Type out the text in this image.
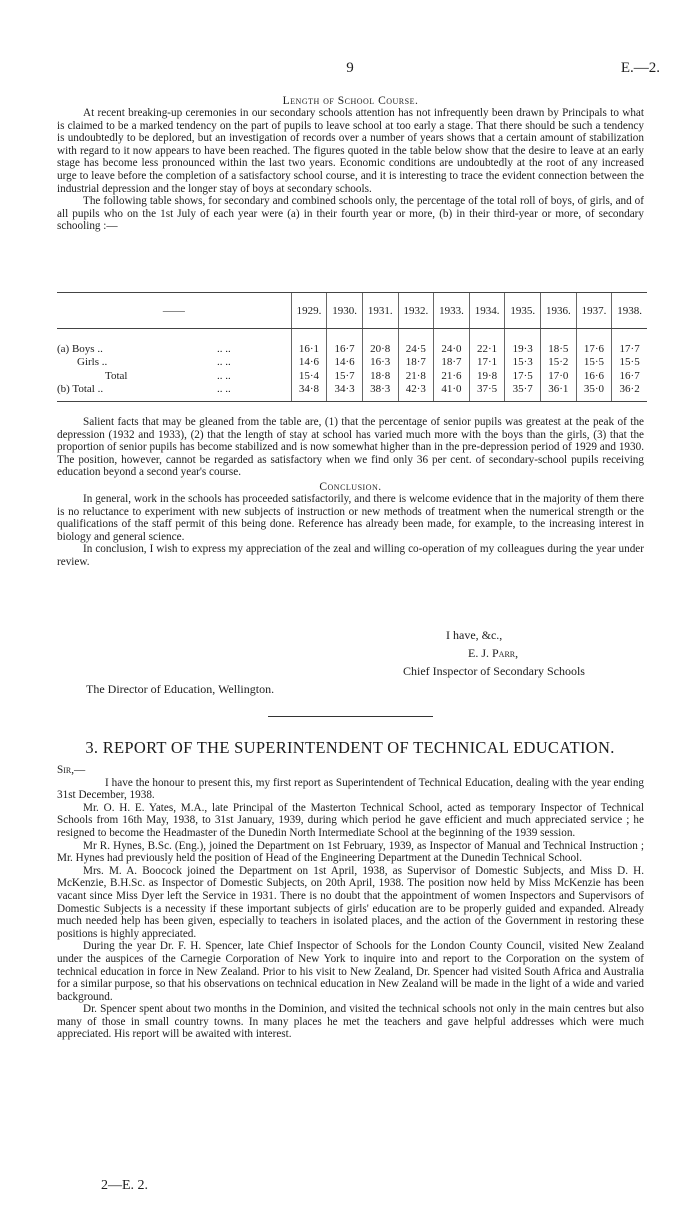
9	E.—2.
Length of School Course.

At recent breaking-up ceremonies in our secondary schools attention has not infrequently been drawn by Principals to what is claimed to be a marked tendency on the part of pupils to leave school at too early a stage. That there should be such a tendency is undoubtedly to be deplored, but an investigation of records over a number of years shows that a certain amount of stabilization with regard to it now appears to have been reached. The figures quoted in the table below show that the desire to leave at an early stage has become less pronounced within the last two years. Economic conditions are undoubtedly at the root of any increased urge to leave before the completion of a satisfactory school course, and it is interesting to trace the evident connection between the industrial depression and the longer stay of boys at secondary schools.

The following table shows, for secondary and combined schools only, the percentage of the total roll of boys, of girls, and of all pupils who on the 1st July of each year were (a) in their fourth year or more, (b) in their third-year or more, of secondary schooling :—

——	1929.	1930.	1931.	1932.	1933.	1934.	1935.	1936.	1937.	1938.
(a) Boys .. .. ..	16·1	16·7	20·8	24·5	24·0	22·1	19·3	18·5	17·6	17·7
Girls .. .. ..	14·6	14·6	16·3	18·7	18·7	17·1	15·3	15·2	15·5	15·5
Total .. ..	15·4	15·7	18·8	21·8	21·6	19·8	17·5	17·0	16·6	16·7
(b) Total .. .. ..	34·8	34·3	38·3	42·3	41·0	37·5	35·7	36·1	35·0	36·2

Salient facts that may be gleaned from the table are, (1) that the percentage of senior pupils was greatest at the peak of the depression (1932 and 1933), (2) that the length of stay at school has varied much more with the boys than the girls, (3) that the proportion of senior pupils has become stabilized and is now somewhat higher than in the pre-depression period of 1929 and 1930. The position, however, cannot be regarded as satisfactory when we find only 36 per cent. of secondary-school pupils receiving education beyond a second year's course.

Conclusion.

In general, work in the schools has proceeded satisfactorily, and there is welcome evidence that in the majority of them there is no reluctance to experiment with new subjects of instruction or new methods of treatment when the numerical strength or the qualifications of the staff permit of this being done. Reference has already been made, for example, to the increasing interest in biology and general science.

In conclusion, I wish to express my appreciation of the zeal and willing co-operation of my colleagues during the year under review.

I have, &c.,
E. J. Parr,
Chief Inspector of Secondary Schools
The Director of Education, Wellington.
3. REPORT OF THE SUPERINTENDENT OF TECHNICAL EDUCATION.

Sir,—

I have the honour to present this, my first report as Superintendent of Technical Education, dealing with the year ending 31st December, 1938.

Mr. O. H. E. Yates, M.A., late Principal of the Masterton Technical School, acted as temporary Inspector of Technical Schools from 16th May, 1938, to 31st January, 1939, during which period he gave efficient and much appreciated service ; he resigned to become the Headmaster of the Dunedin North Intermediate School at the beginning of the 1939 session.

Mr R. Hynes, B.Sc. (Eng.), joined the Department on 1st February, 1939, as Inspector of Manual and Technical Instruction ; Mr. Hynes had previously held the position of Head of the Engineering Department at the Dunedin Technical School.

Mrs. M. A. Boocock joined the Department on 1st April, 1938, as Supervisor of Domestic Subjects, and Miss D. H. McKenzie, B.H.Sc. as Inspector of Domestic Subjects, on 20th April, 1938. The position now held by Miss McKenzie has been vacant since Miss Dyer left the Service in 1931. There is no doubt that the appointment of women Inspectors and Supervisors of Domestic Subjects is a necessity if these important subjects of girls' education are to be properly guided and expanded. Already much needed help has been given, especially to teachers in isolated places, and the action of the Government in restoring these positions is highly appreciated.

During the year Dr. F. H. Spencer, late Chief Inspector of Schools for the London County Council, visited New Zealand under the auspices of the Carnegie Corporation of New York to inquire into and report to the Corporation on the system of technical education in force in New Zealand. Prior to his visit to New Zealand, Dr. Spencer had visited South Africa and Australia for a similar purpose, so that his observations on technical education in New Zealand will be made in the light of a wide and varied background.

Dr. Spencer spent about two months in the Dominion, and visited the technical schools not only in the main centres but also many of those in small country towns. In many places he met the teachers and gave helpful addresses which were much appreciated. His report will be awaited with interest.

2—E. 2.
